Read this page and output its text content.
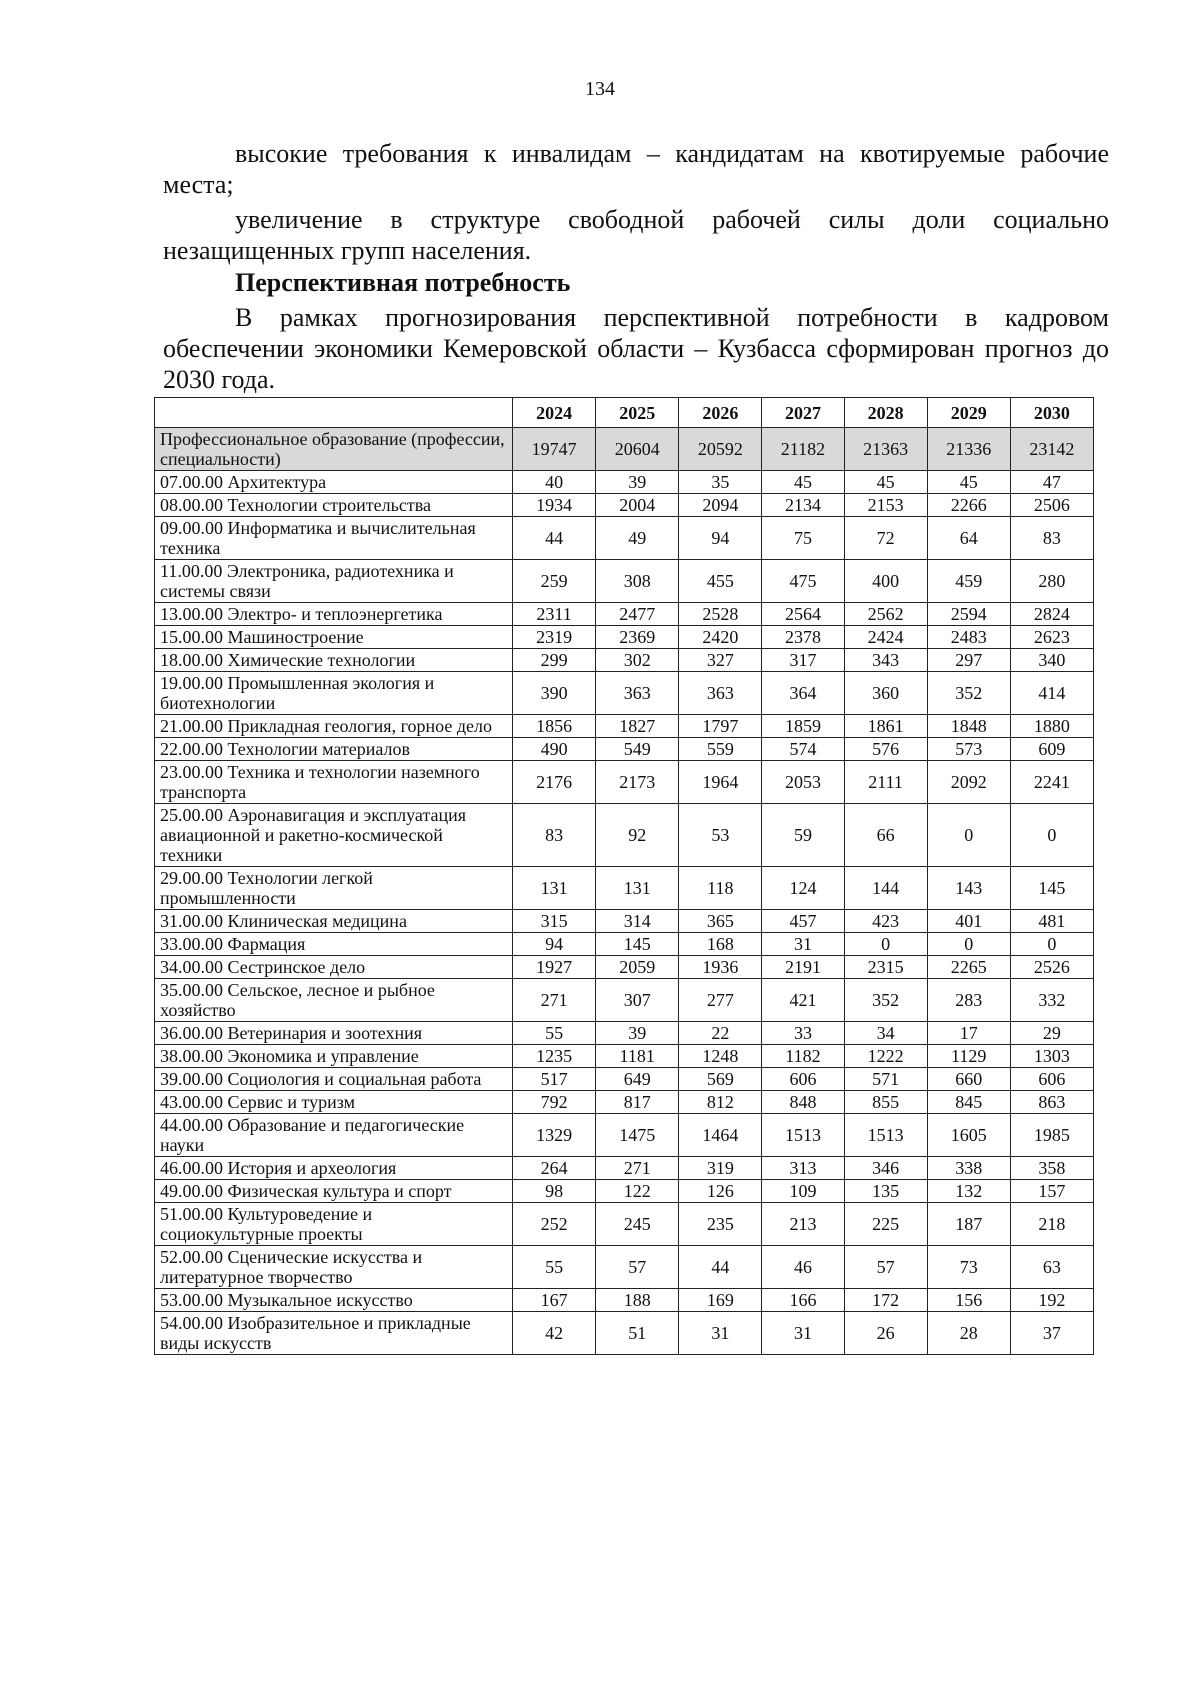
134

высокие требования к инвалидам – кандидатам на квотируемые рабочие места;

увеличение в структуре свободной рабочей силы доли социально незащищенных групп населения.

Перспективная потребность

В рамках прогнозирования перспективной потребности в кадровом обеспечении экономики Кемеровской области – Кузбасса сформирован прогноз до 2030 года.

	2024	2025	2026	2027	2028	2029	2030
Профессиональное образование (профессии, специальности)	19747	20604	20592	21182	21363	21336	23142
07.00.00 Архитектура	40	39	35	45	45	45	47
08.00.00 Технологии строительства	1934	2004	2094	2134	2153	2266	2506
09.00.00 Информатика и вычислительная техника	44	49	94	75	72	64	83
11.00.00 Электроника, радиотехника и системы связи	259	308	455	475	400	459	280
13.00.00 Электро- и теплоэнергетика	2311	2477	2528	2564	2562	2594	2824
15.00.00 Машиностроение	2319	2369	2420	2378	2424	2483	2623
18.00.00 Химические технологии	299	302	327	317	343	297	340
19.00.00 Промышленная экология и биотехнологии	390	363	363	364	360	352	414
21.00.00 Прикладная геология, горное дело	1856	1827	1797	1859	1861	1848	1880
22.00.00 Технологии материалов	490	549	559	574	576	573	609
23.00.00 Техника и технологии наземного транспорта	2176	2173	1964	2053	2111	2092	2241
25.00.00 Аэронавигация и эксплуатация авиационной и ракетно-космической техники	83	92	53	59	66	0	0
29.00.00 Технологии легкой промышленности	131	131	118	124	144	143	145
31.00.00 Клиническая медицина	315	314	365	457	423	401	481
33.00.00 Фармация	94	145	168	31	0	0	0
34.00.00 Сестринское дело	1927	2059	1936	2191	2315	2265	2526
35.00.00 Сельское, лесное и рыбное хозяйство	271	307	277	421	352	283	332
36.00.00 Ветеринария и зоотехния	55	39	22	33	34	17	29
38.00.00 Экономика и управление	1235	1181	1248	1182	1222	1129	1303
39.00.00 Социология и социальная работа	517	649	569	606	571	660	606
43.00.00 Сервис и туризм	792	817	812	848	855	845	863
44.00.00 Образование и педагогические науки	1329	1475	1464	1513	1513	1605	1985
46.00.00 История и археология	264	271	319	313	346	338	358
49.00.00 Физическая культура и спорт	98	122	126	109	135	132	157
51.00.00 Культуроведение и социокультурные проекты	252	245	235	213	225	187	218
52.00.00 Сценические искусства и литературное творчество	55	57	44	46	57	73	63
53.00.00 Музыкальное искусство	167	188	169	166	172	156	192
54.00.00 Изобразительное и прикладные виды искусств	42	51	31	31	26	28	37
